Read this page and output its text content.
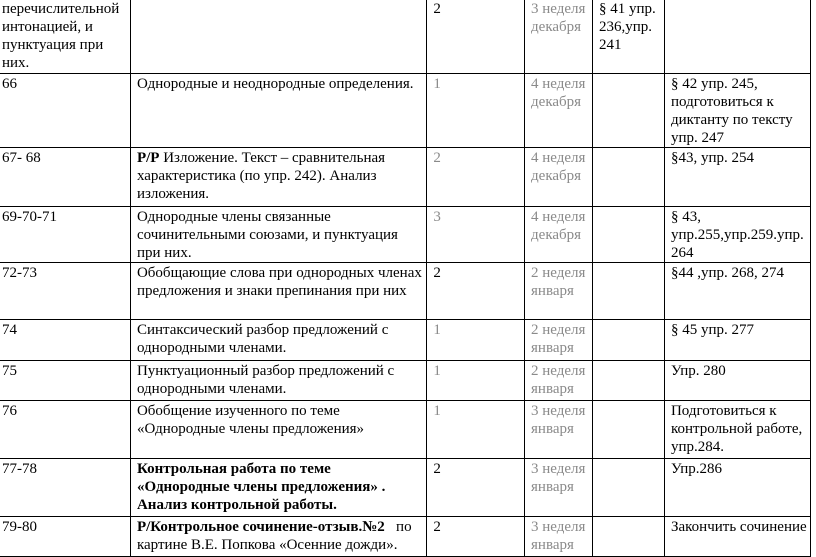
перечислительной интонацией, и пунктуация при них.		2	3 неделя декабря	§ 41 упр. 236,упр. 241	
66	Однородные и неоднородные определения.	1	4 неделя декабря		§ 42 упр. 245, подготовиться к диктанту по тексту упр. 247
67- 68	Р/Р Изложение. Текст – сравнительная характеристика (по упр. 242). Анализ изложения.	2	4 неделя декабря		§43, упр. 254
69-70-71	Однородные члены связанные сочинительными союзами, и пунктуация при них.	3	4 неделя декабря		§ 43, упр.255,упр.259.упр. 264
72-73	Обобщающие слова при однородных членах предложения и знаки препинания при них	2	2 неделя января		§44 ,упр. 268, 274
74	Синтаксический разбор предложений с однородными членами.	1	2 неделя января		§ 45 упр. 277
75	Пунктуационный разбор предложений с однородными членами.	1	2 неделя января		Упр. 280
76	Обобщение изученного по теме «Однородные члены предложения»	1	3 неделя января		Подготовиться к контрольной работе, упр.284.
77-78	Контрольная работа по теме «Однородные члены предложения» . Анализ контрольной работы.	2	3 неделя января		Упр.286
79-80	Р/Контрольное сочинение-отзыв.№2   по картине В.Е. Попкова «Осенние дожди».	2	3 неделя января		Закончить сочинение
